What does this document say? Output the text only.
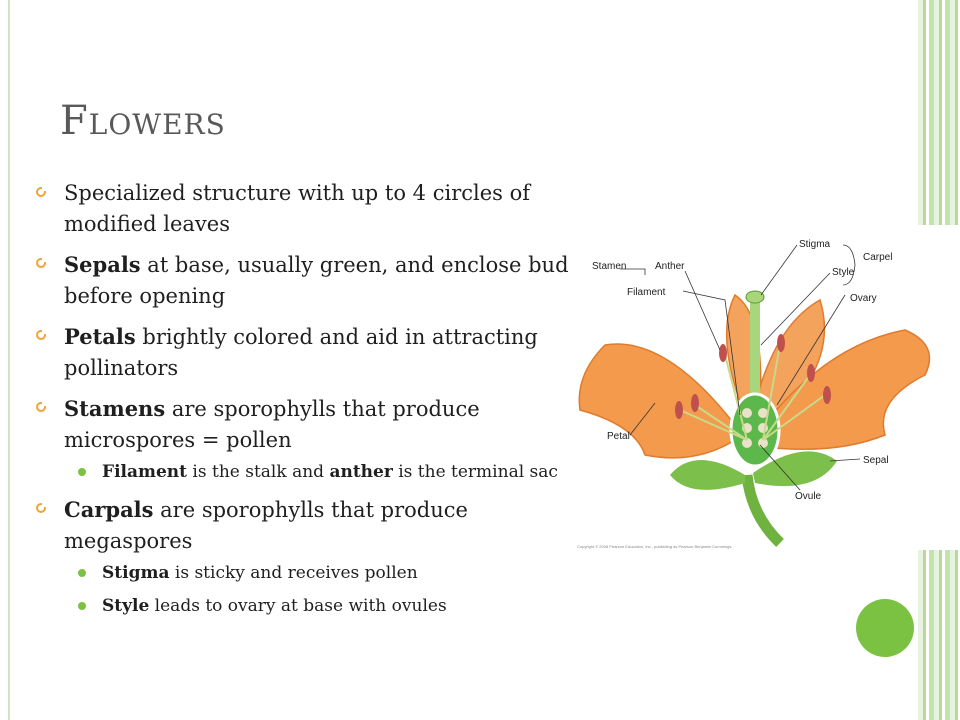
Flowers
Specialized structure with up to 4 circles of modified leaves
Sepals at base, usually green, and enclose bud before opening
Petals brightly colored and aid in attracting pollinators
Stamens are sporophylls that produce microspores = pollen
Filament is the stalk and anther is the terminal sac
Carpals are sporophylls that produce megaspores
Stigma is sticky and receives pollen
Style leads to ovary at base with ovules
Stamen	Anther
Filament
Stigma
Style
Ovary
Carpel
Petal
Sepal
Ovule
Copyright © 2008 Pearson Education, Inc., publishing as Pearson Benjamin Cummings.
